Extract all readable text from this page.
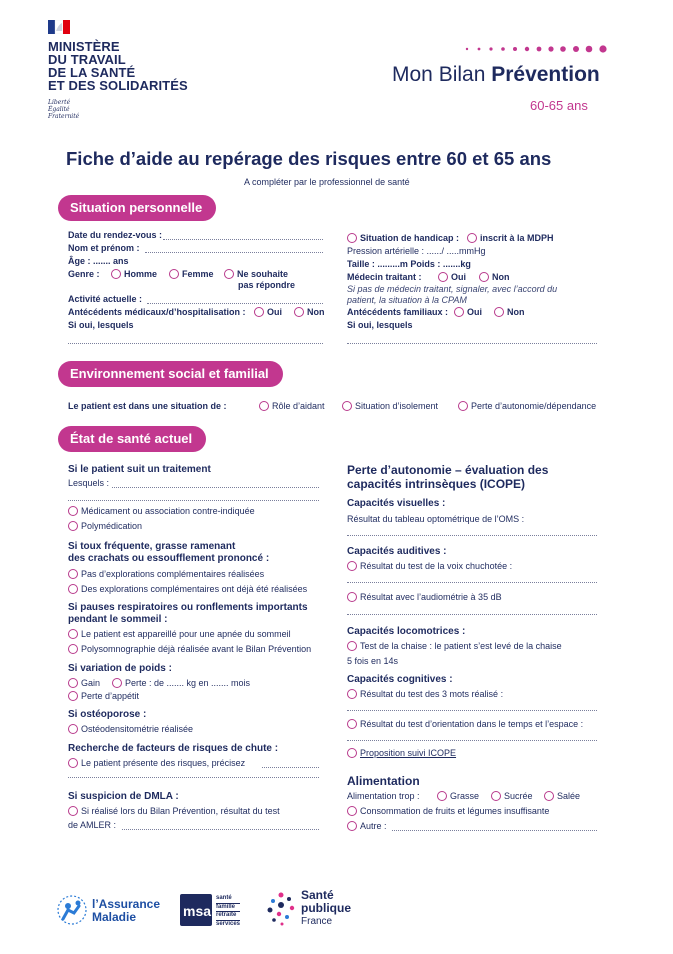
MINISTÈRE
DU TRAVAIL
DE LA SANTÉ
ET DES SOLIDARITÉS
Liberté
Égalité
Fraternité
Mon Bilan Prévention
60-65 ans
Fiche d’aide au repérage des risques entre 60 et 65 ans
A compléter par le professionnel de santé
Situation personnelle
Date du rendez-vous :
Nom et prénom :
Âge : ....... ans
Genre :	Homme	Femme	Ne souhaite
pas répondre
Activité actuelle :
Antécédents médicaux/d’hospitalisation :	Oui	Non
Si oui, lesquels
Situation de handicap :	inscrit à la MDPH
Pression artérielle : ....../ .....mmHg
Taille : .........m Poids : .......kg
Médecin traitant :	Oui	Non
Si pas de médecin traitant, signaler, avec l’accord du
patient, la situation à la CPAM
Antécédents familiaux :	Oui	Non
Si oui, lesquels
Environnement social et familial
Le patient est dans une situation de :	Rôle d’aidant	Situation d’isolement	Perte d’autonomie/dépendance
État de santé actuel
Si le patient suit un traitement
Lesquels :
Médicament ou association contre-indiquée
Polymédication
Si toux fréquente, grasse ramenant
des crachats ou essoufflement prononcé :
Pas d’explorations complémentaires réalisées
Des explorations complémentaires ont déjà été réalisées
Si pauses respiratoires ou ronflements importants
pendant le sommeil :
Le patient est appareillé pour une apnée du sommeil
Polysomnographie déjà réalisée avant le Bilan Prévention
Si variation de poids :
Gain	Perte : de ....... kg en ....... mois
Perte d’appétit
Si ostéoporose :
Ostéodensitométrie réalisée
Recherche de facteurs de risques de chute :
Le patient présente des risques, précisez
Si suspicion de DMLA :
Si réalisé lors du Bilan Prévention, résultat du test
de AMLER :
Perte d’autonomie – évaluation des
capacités intrinsèques (ICOPE)
Capacités visuelles :
Résultat du tableau optométrique de l’OMS :
Capacités auditives :
Résultat du test de la voix chuchotée :
Résultat avec l’audiométrie à 35 dB
Capacités locomotrices :
Test de la chaise : le patient s’est levé de la chaise
5 fois en 14s
Capacités cognitives :
Résultat du test des 3 mots réalisé :
Résultat du test d’orientation dans le temps et l’espace :
Proposition suivi ICOPE
Alimentation
Alimentation trop :	Grasse	Sucrée	Salée
Consommation de fruits et légumes insuffisante
Autre :
l’Assurance
Maladie	msa
santé
famille
retraite
services
Santé
publique
France
